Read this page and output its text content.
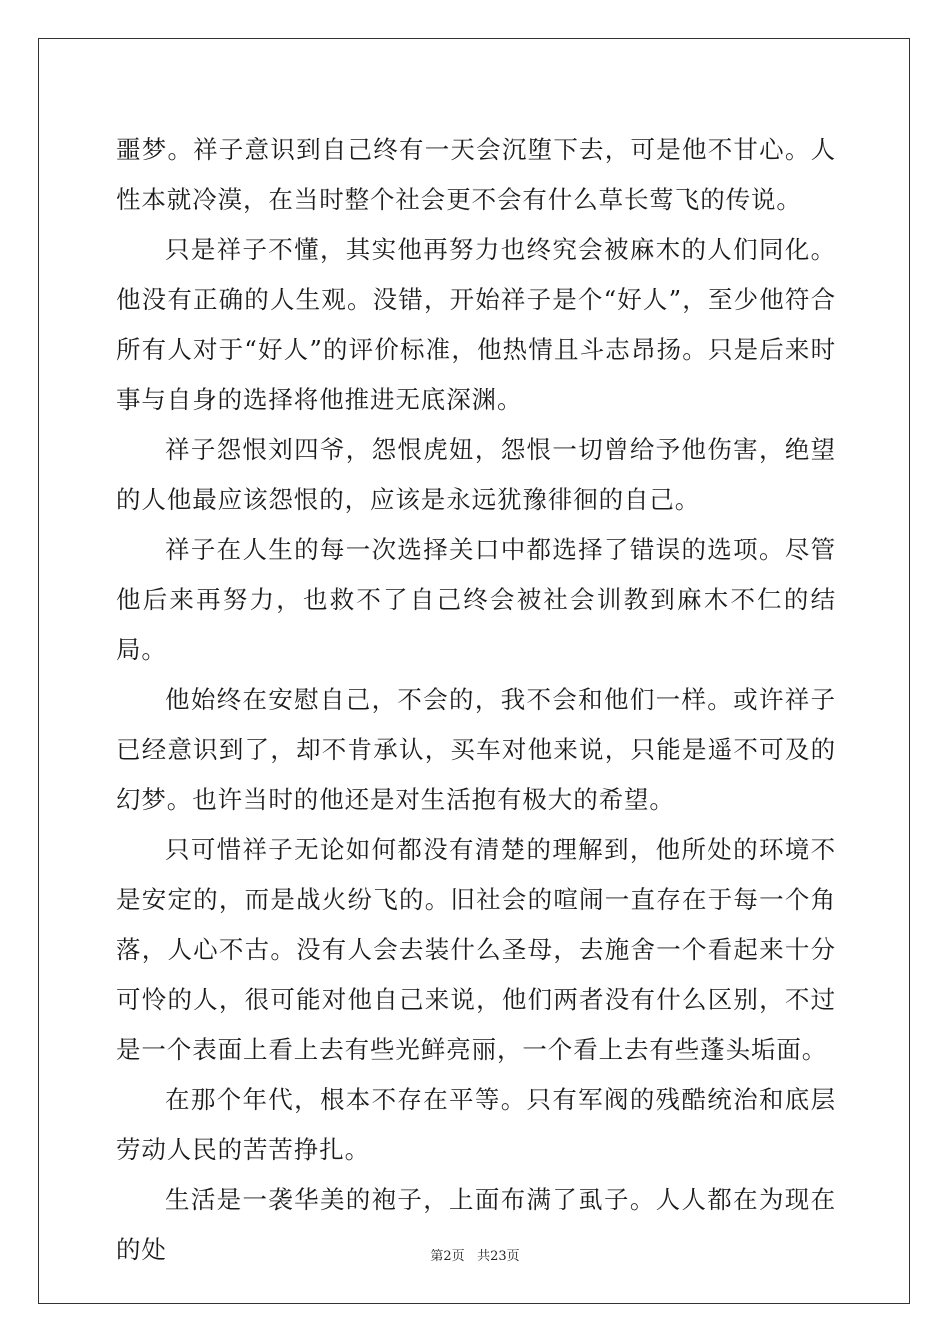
噩梦。祥子意识到自己终有一天会沉堕下去，可是他不甘心。人性本就冷漠，在当时整个社会更不会有什么草长莺飞的传说。

只是祥子不懂，其实他再努力也终究会被麻木的人们同化。他没有正确的人生观。没错，开始祥子是个“好人”，至少他符合所有人对于“好人”的评价标准，他热情且斗志昂扬。只是后来时事与自身的选择将他推进无底深渊。

祥子怨恨刘四爷，怨恨虎妞，怨恨一切曾给予他伤害，绝望的人他最应该怨恨的，应该是永远犹豫徘徊的自己。

祥子在人生的每一次选择关口中都选择了错误的选项。尽管他后来再努力，也救不了自己终会被社会训教到麻木不仁的结局。

他始终在安慰自己，不会的，我不会和他们一样。或许祥子已经意识到了，却不肯承认，买车对他来说，只能是遥不可及的幻梦。也许当时的他还是对生活抱有极大的希望。

只可惜祥子无论如何都没有清楚的理解到，他所处的环境不是安定的，而是战火纷飞的。旧社会的喧闹一直存在于每一个角落，人心不古。没有人会去装什么圣母，去施舍一个看起来十分可怜的人，很可能对他自己来说，他们两者没有什么区别，不过是一个表面上看上去有些光鲜亮丽，一个看上去有些蓬头垢面。

在那个年代，根本不存在平等。只有军阀的残酷统治和底层劳动人民的苦苦挣扎。

生活是一袭华美的袍子，上面布满了虱子。人人都在为现在的处	第2页 共23页
